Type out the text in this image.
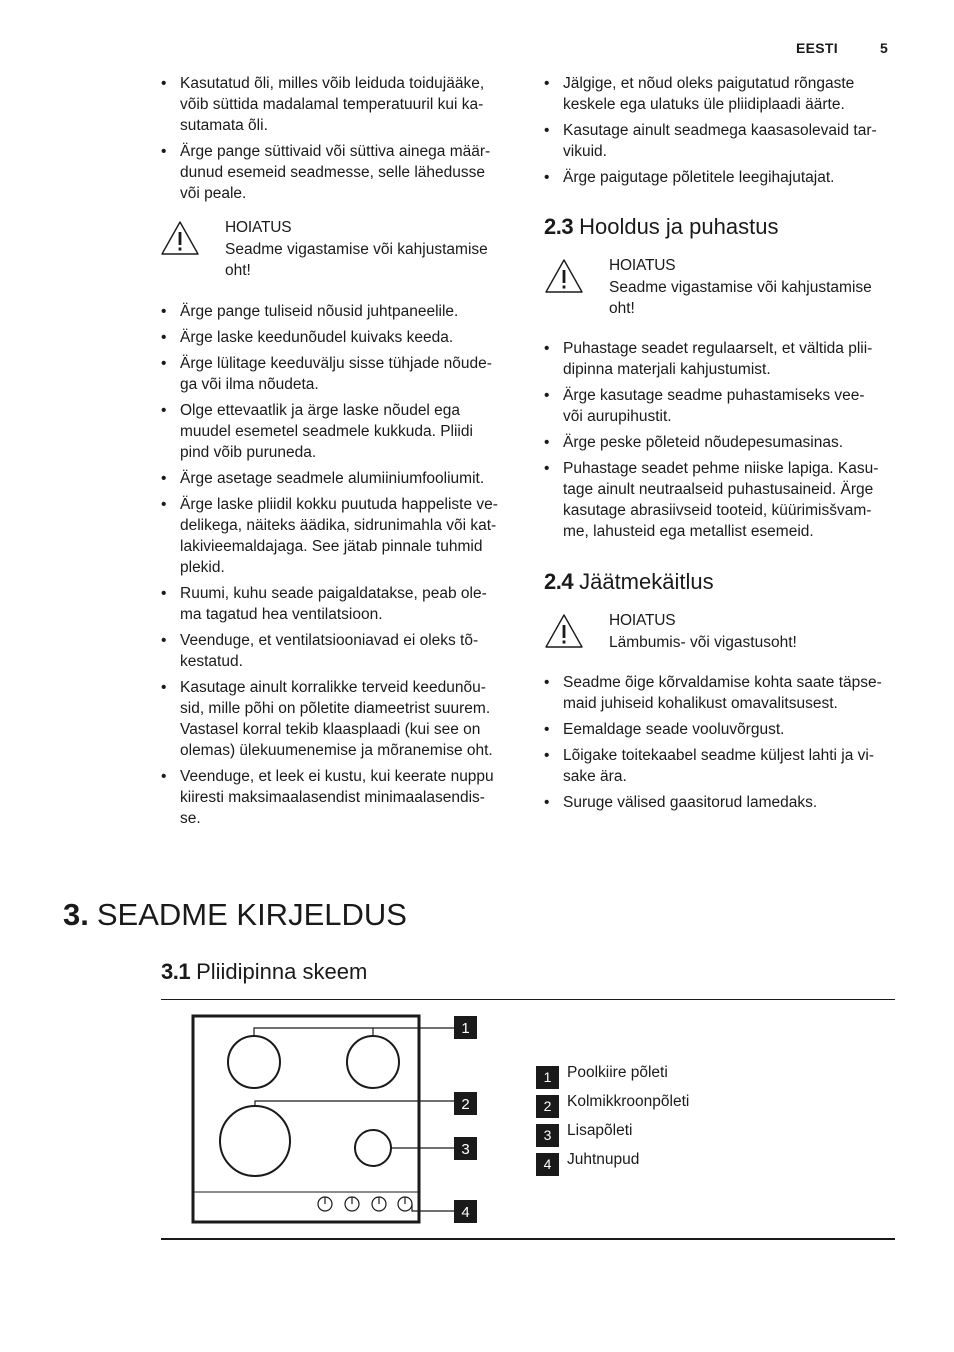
EESTI	5
• Kasutatud õli, milles võib leiduda toidujääke,
võib süttida madalamal temperatuuril kui ka-
sutamata õli.
• Ärge pange süttivaid või süttiva ainega määr-
dunud esemeid seadmesse, selle lähedusse
või peale.
HOIATUS
Seadme vigastamise või kahjustamise
oht!
• Ärge pange tuliseid nõusid juhtpaneelile.
• Ärge laske keedunõudel kuivaks keeda.
• Ärge lülitage keeduvälju sisse tühjade nõude-
ga või ilma nõudeta.
• Olge ettevaatlik ja ärge laske nõudel ega
muudel esemetel seadmele kukkuda. Pliidi
pind võib puruneda.
• Ärge asetage seadmele alumiiniumfooliumit.
• Ärge laske pliidil kokku puutuda happeliste ve-
delikega, näiteks äädika, sidrunimahla või kat-
lakivieemaldajaga. See jätab pinnale tuhmid
plekid.
• Ruumi, kuhu seade paigaldatakse, peab ole-
ma tagatud hea ventilatsioon.
• Veenduge, et ventilatsiooniavad ei oleks tõ-
kestatud.
• Kasutage ainult korralikke terveid keedunõu-
sid, mille põhi on põletite diameetrist suurem.
Vastasel korral tekib klaasplaadi (kui see on
olemas) ülekuumenemise ja mõranemise oht.
• Veenduge, et leek ei kustu, kui keerate nuppu
kiiresti maksimaalasendist minimaalasendis-
se.
• Jälgige, et nõud oleks paigutatud rõngaste
keskele ega ulatuks üle pliidiplaadi äärte.
• Kasutage ainult seadmega kaasasolevaid tar-
vikuid.
• Ärge paigutage põletitele leegihajutajat.
2.3 Hooldus ja puhastus
HOIATUS
Seadme vigastamise või kahjustamise
oht!
• Puhastage seadet regulaarselt, et vältida plii-
dipinna materjali kahjustumist.
• Ärge kasutage seadme puhastamiseks vee-
või aurupihustit.
• Ärge peske põleteid nõudepesumasinas.
• Puhastage seadet pehme niiske lapiga. Kasu-
tage ainult neutraalseid puhastusaineid. Ärge
kasutage abrasiivseid tooteid, küürimisšvam-
me, lahusteid ega metallist esemeid.
2.4 Jäätmekäitlus
HOIATUS
Lämbumis- või vigastusoht!
• Seadme õige kõrvaldamise kohta saate täpse-
maid juhiseid kohalikust omavalitsusest.
• Eemaldage seade vooluvõrgust.
• Lõigake toitekaabel seadme küljest lahti ja vi-
sake ära.
• Suruge välised gaasitorud lamedaks.
3. SEADME KIRJELDUS
3.1 Pliidipinna skeem
1
2
3
4
1	Poolkiire põleti
2	Kolmikkroonpõleti
3	Lisapõleti
4	Juhtnupud
